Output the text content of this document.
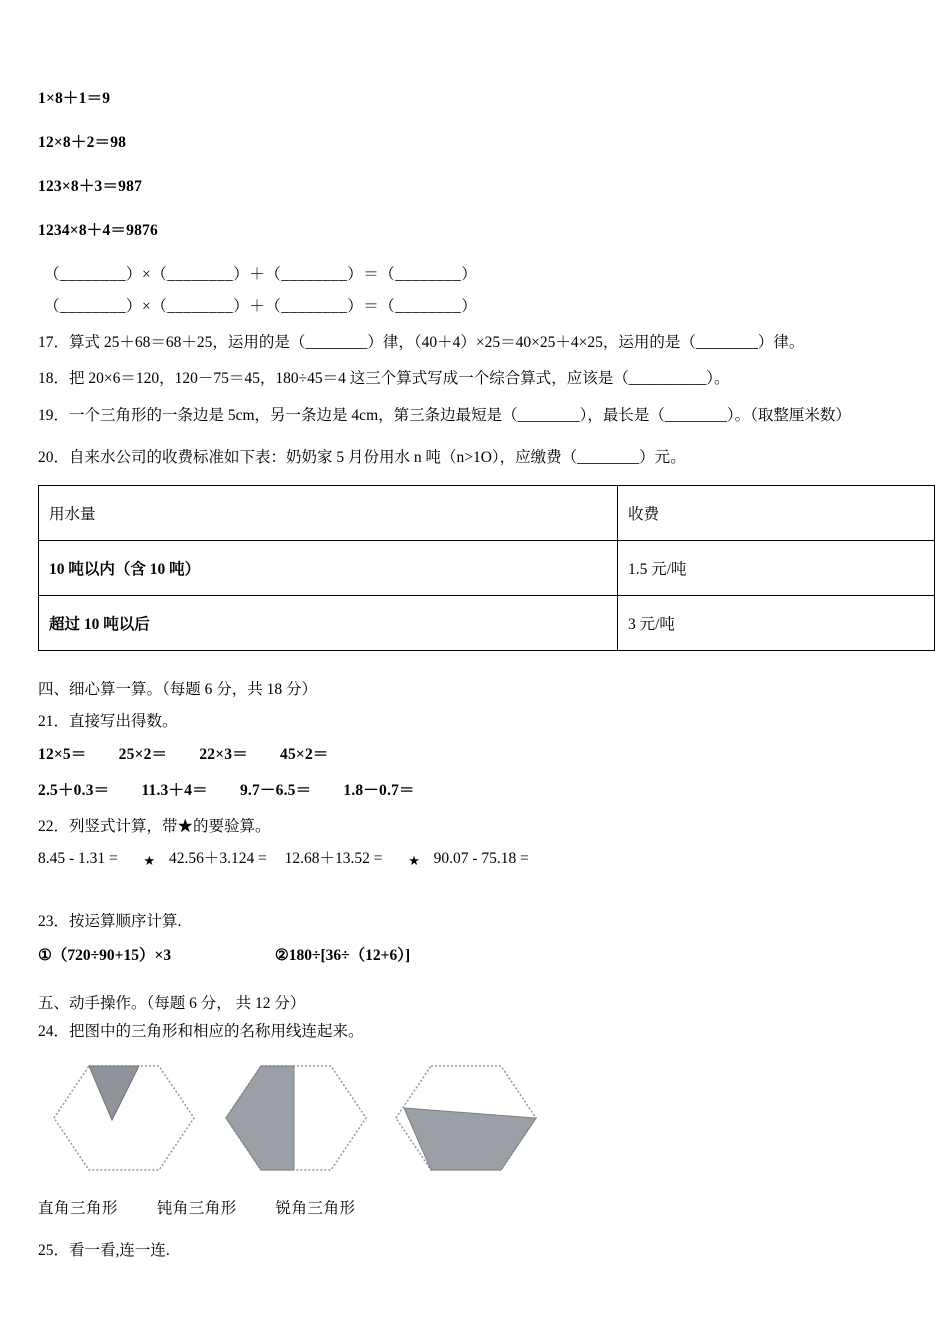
1×8＋1＝9
12×8＋2＝98
123×8＋3＝987
1234×8＋4＝9876
（________）×（________）＋（________）＝（________）
（________）×（________）＋（________）＝（________）
17．算式 25＋68＝68＋25，运用的是（________）律，（40＋4）×25＝40×25＋4×25，运用的是（________）律。
18．把 20×6＝120，120－75＝45，180÷45＝4 这三个算式写成一个综合算式，应该是（__________）。
19．一个三角形的一条边是 5cm，另一条边是 4cm，第三条边最短是（________），最长是（________）。（取整厘米数）
20．自来水公司的收费标准如下表：奶奶家 5 月份用水 n 吨（n>1O），应缴费（________）元。
用水量	收费
10 吨以内（含 10 吨）	1.5 元/吨
超过 10 吨以后	3 元/吨
四、细心算一算。（每题 6 分，共 18 分）
21．直接写出得数。
12×5＝ 25×2＝ 22×3＝ 45×2＝
2.5＋0.3＝ 11.3＋4＝ 9.7－6.5＝ 1.8－0.7＝
22．列竖式计算，带★的要验算。
8.45 - 1.31 = ★ 42.56＋3.124 = 12.68＋13.52 = ★ 90.07 - 75.18 =
23．按运算顺序计算.
①（720÷90+15）×3	②180÷[36÷（12+6）]
五、动手操作。（每题 6 分， 共 12 分）
24．把图中的三角形和相应的名称用线连起来。
直角三角形	钝角三角形	锐角三角形
25．看一看,连一连.
